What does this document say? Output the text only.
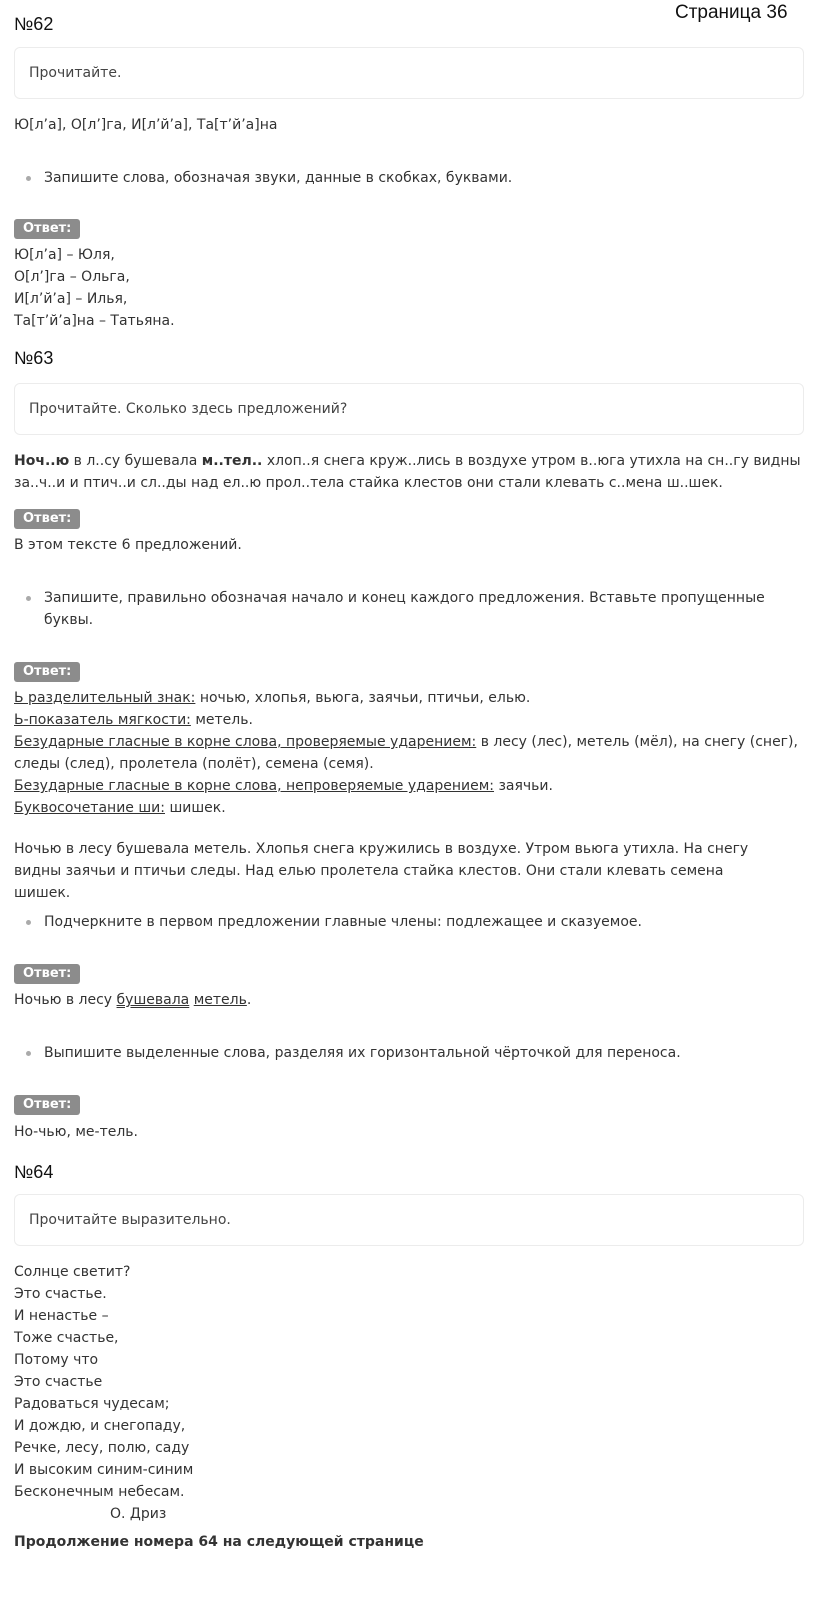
Страница 36
№62
Прочитайте.
Ю[л’а], О[л’]га, И[л’й’а], Та[т’й’а]на
Запишите слова, обозначая звуки, данные в скобках, буквами.
Ответ:
Ю[л’а] – Юля,
О[л’]га – Ольга,
И[л’й’а] – Илья,
Та[т’й’а]на – Татьяна.
№63
Прочитайте. Сколько здесь предложений?
Ноч..ю в л..су бушевала м..тел.. хлоп..я снега круж..лись в воздухе утром в..юга утихла на сн..гу видны за..ч..и и птич..и сл..ды над ел..ю прол..тела стайка клестов они стали клевать с..мена ш..шек.
Ответ:
В этом тексте 6 предложений.
Запишите, правильно обозначая начало и конец каждого предложения. Вставьте пропущенные буквы.
Ответ:
Ь разделительный знак: ночью, хлопья, вьюга, заячьи, птичьи, елью.
Ь-показатель мягкости: метель.
Безударные гласные в корне слова, проверяемые ударением: в лесу (лес), метель (мёл), на снегу (снег),
следы (след), пролетела (полёт), семена (семя).
Безударные гласные в корне слова, непроверяемые ударением: заячьи.
Буквосочетание ши: шишек.
Ночью в лесу бушевала метель. Хлопья снега кружились в воздухе. Утром вьюга утихла. На снегу видны заячьи и птичьи следы. Над елью пролетела стайка клестов. Они стали клевать семена шишек.
Подчеркните в первом предложении главные члены: подлежащее и сказуемое.
Ответ:
Ночью в лесу бушевала метель.
Выпишите выделенные слова, разделяя их горизонтальной чёрточкой для переноса.
Ответ:
Но-чью, ме-тель.
№64
Прочитайте выразительно.
Солнце светит?
Это счастье.
И ненастье –
Тоже счастье,
Потому что
Это счастье
Радоваться чудесам;
И дождю, и снегопаду,
Речке, лесу, полю, саду
И высоким синим-синим
Бесконечным небесам.
О. Дриз
Продолжение номера 64 на следующей странице
